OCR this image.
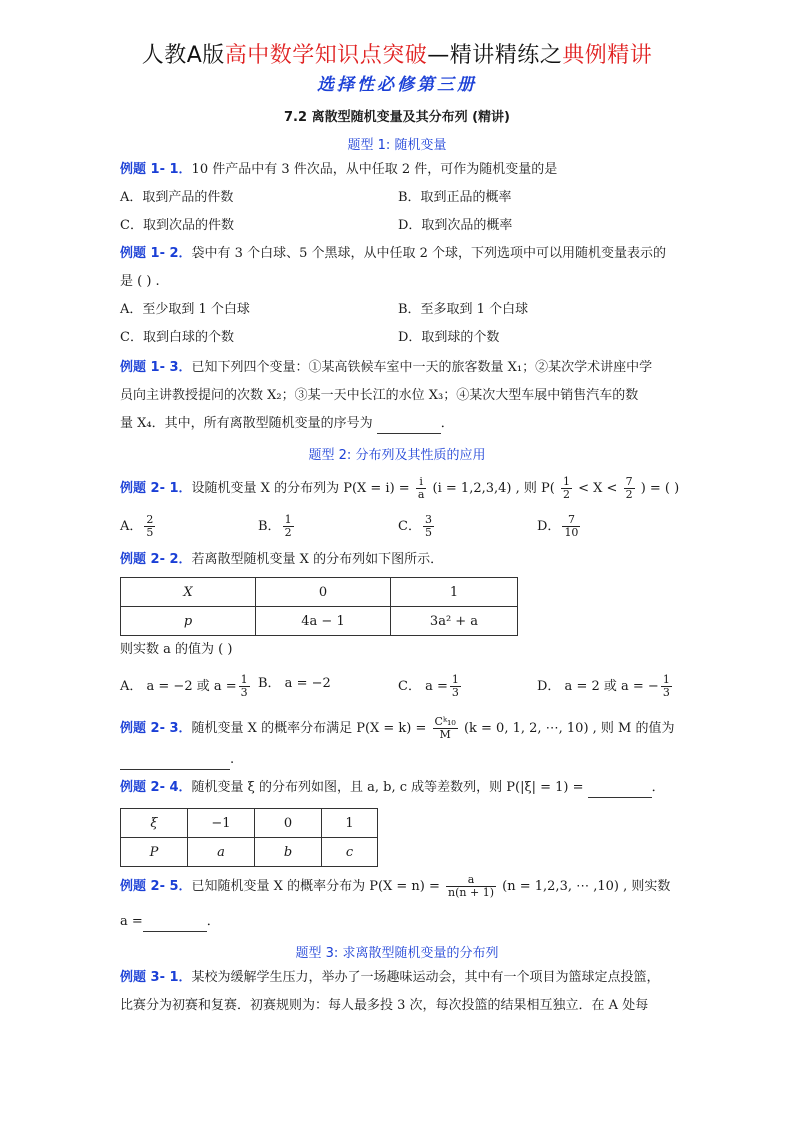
人教A版高中数学知识点突破—精讲精练之典例精讲
选择性必修第三册
7.2 离散型随机变量及其分布列 (精讲)
题型 1: 随机变量
例题 1- 1．10 件产品中有 3 件次品，从中任取 2 件，可作为随机变量的是
A．取到产品的件数	B．取到正品的概率
C．取到次品的件数	D．取到次品的概率
例题 1- 2．袋中有 3 个白球、5 个黑球，从中任取 2 个球，下列选项中可以用随机变量表示的
是 ( ) .
A．至少取到 1 个白球	B．至多取到 1 个白球
C．取到白球的个数	D．取到球的个数
例题 1- 3．已知下列四个变量：①某高铁候车室中一天的旅客数量 X₁；②某次学术讲座中学
员向主讲教授提问的次数 X₂；③某一天中长江的水位 X₃；④某次大型车展中销售汽车的数
量 X₄．其中，所有离散型随机变量的序号为	．
题型 2: 分布列及其性质的应用
例题 2- 1．设随机变量 X 的分布列为 $P(X = i) = \frac{i}{a} (i = 1,2,3,4)$ , 则 $P( \frac{1}{2} < X < \frac{7}{2}$ ) = ( )
A． $\frac{2}{5}$	B． $\frac{1}{2}$	C． $\frac{3}{5}$	D． $\frac{7}{10}$
例题 2- 2．若离散型随机变量 X 的分布列如下图所示．
X	0	1
p	4a − 1	3a² + a
则实数 a 的值为 ( )
A． a = −2 或 $a = \frac{1}{3}$ B． a = −2	C． $a = \frac{1}{3}$	D． a = 2 或 a = − $\frac{1}{3}$
例题 2- 3．随机变量 X 的概率分布满足 $P(X = k) = \frac{\text{Cᵏ₁₀}}{M} (k = 0$, 1, 2, ⋯, 10) , 则 M 的值为
.
例题 2- 4．随机变量 ξ 的分布列如图，且 a, b, c 成等差数列，则 P(|ξ| = 1) =	．
ξ	−1	0	1
P	a	b	c
例题 2- 5．已知随机变量 X 的概率分布为 $P(X = n) = \frac{a}{n(n + 1)} (n = 1,2,3$, ⋯ ,10) , 则实数
a =	．
题型 3: 求离散型随机变量的分布列
例题 3- 1．某校为缓解学生压力，举办了一场趣味运动会，其中有一个项目为篮球定点投篮，
比赛分为初赛和复赛．初赛规则为：每人最多投 3 次，每次投篮的结果相互独立．在 A 处每
